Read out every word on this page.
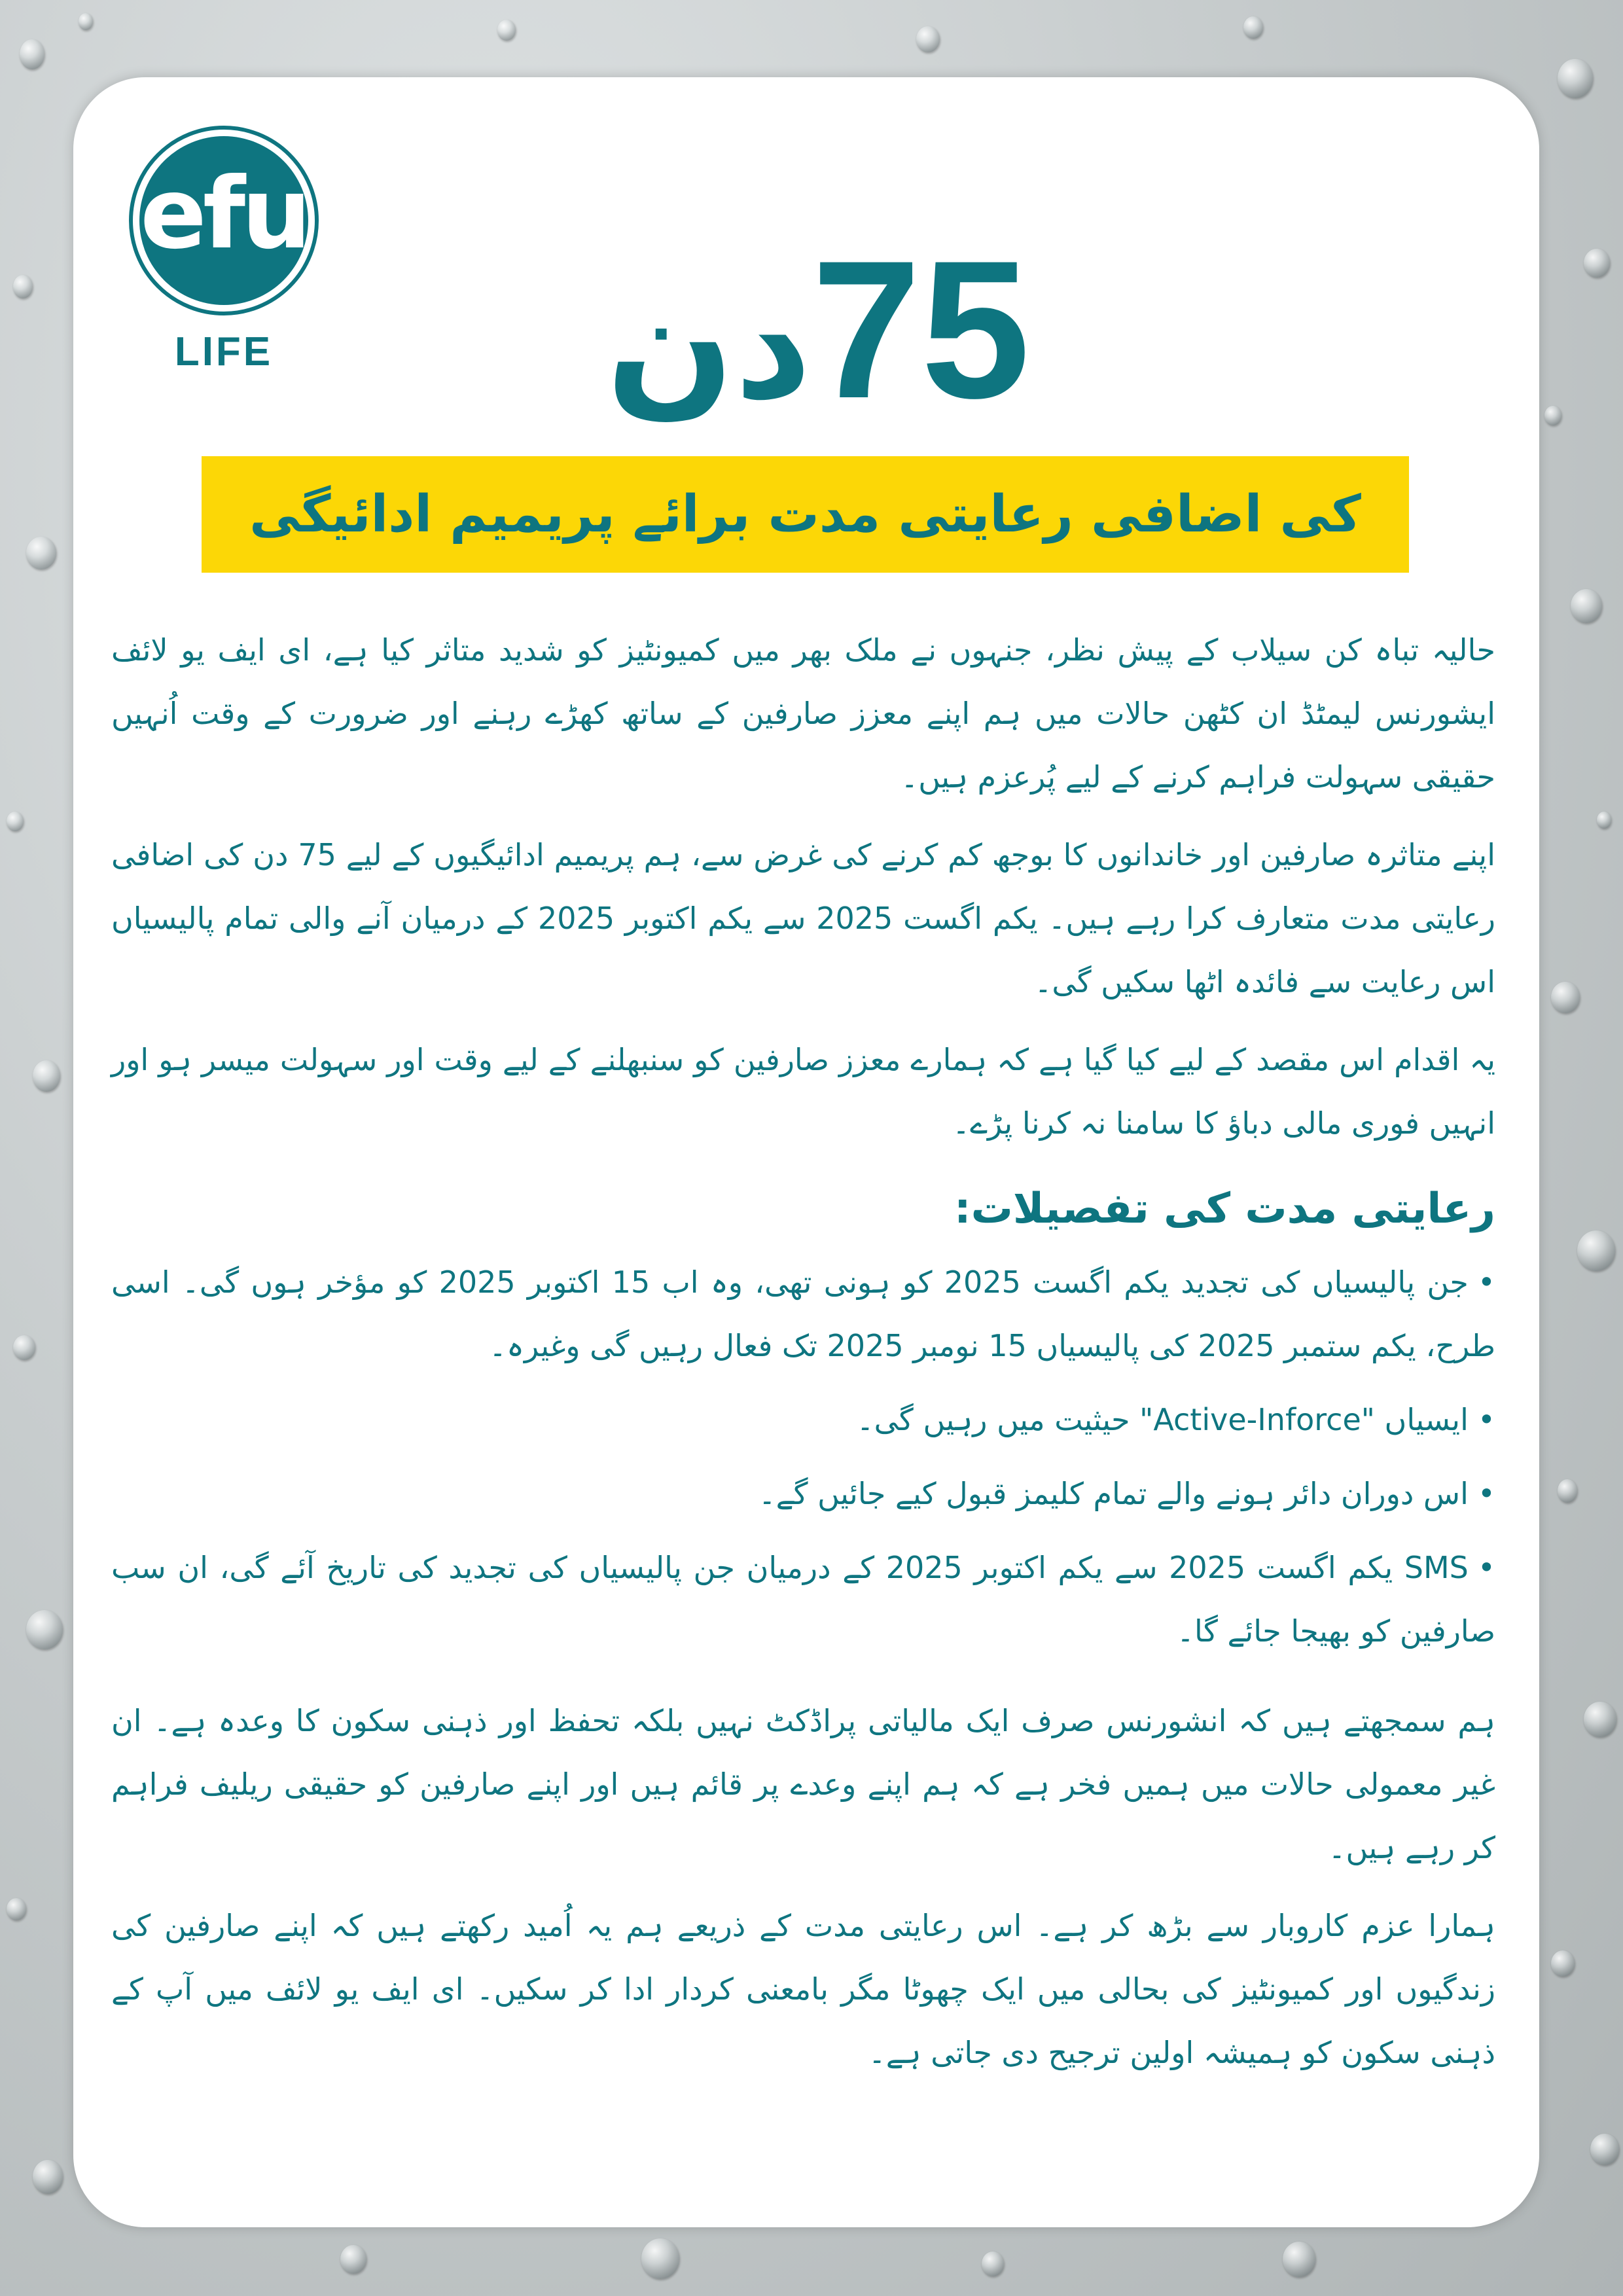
efu
LIFE	75دن
کی اضافی رعایتی مدت برائے پریمیم ادائیگی

حالیہ تباہ کن سیلاب کے پیش نظر، جنہوں نے ملک بھر میں کمیونٹیز کو شدید متاثر کیا ہے، ای ایف یو لائف ایشورنس لیمٹڈ ان کٹھن حالات میں ہم اپنے معزز صارفین کے ساتھ کھڑے رہنے اور ضرورت کے وقت اُنہیں حقیقی سہولت فراہم کرنے کے لیے پُرعزم ہیں۔

اپنے متاثرہ صارفین اور خاندانوں کا بوجھ کم کرنے کی غرض سے، ہم پریمیم ادائیگیوں کے لیے 75 دن کی اضافی رعایتی مدت متعارف کرا رہے ہیں۔ یکم اگست 2025 سے یکم اکتوبر 2025 کے درمیان آنے والی تمام پالیسیاں اس رعایت سے فائدہ اٹھا سکیں گی۔

یہ اقدام اس مقصد کے لیے کیا گیا ہے کہ ہمارے معزز صارفین کو سنبھلنے کے لیے وقت اور سہولت میسر ہو اور انہیں فوری مالی دباؤ کا سامنا نہ کرنا پڑے۔

رعایتی مدت کی تفصیلات:

•جن پالیسیاں کی تجدید یکم اگست 2025 کو ہونی تھی، وہ اب 15 اکتوبر 2025 کو مؤخر ہوں گی۔ اسی طرح، یکم ستمبر 2025 کی پالیسیاں 15 نومبر 2025 تک فعال رہیں گی وغیرہ۔

•ایسیاں "Active-Inforce" حیثیت میں رہیں گی۔

•اس دوران دائر ہونے والے تمام کلیمز قبول کیے جائیں گے۔

•SMS یکم اگست 2025 سے یکم اکتوبر 2025 کے درمیان جن پالیسیاں کی تجدید کی تاریخ آئے گی، ان سب صارفین کو بھیجا جائے گا۔

ہم سمجھتے ہیں کہ انشورنس صرف ایک مالیاتی پراڈکٹ نہیں بلکہ تحفظ اور ذہنی سکون کا وعدہ ہے۔ ان غیر معمولی حالات میں ہمیں فخر ہے کہ ہم اپنے وعدے پر قائم ہیں اور اپنے صارفین کو حقیقی ریلیف فراہم کر رہے ہیں۔

ہمارا عزم کاروبار سے بڑھ کر ہے۔ اس رعایتی مدت کے ذریعے ہم یہ اُمید رکھتے ہیں کہ اپنے صارفین کی زندگیوں اور کمیونٹیز کی بحالی میں ایک چھوٹا مگر بامعنی کردار ادا کر سکیں۔ ای ایف یو لائف میں آپ کے ذہنی سکون کو ہمیشہ اولین ترجیح دی جاتی ہے۔
